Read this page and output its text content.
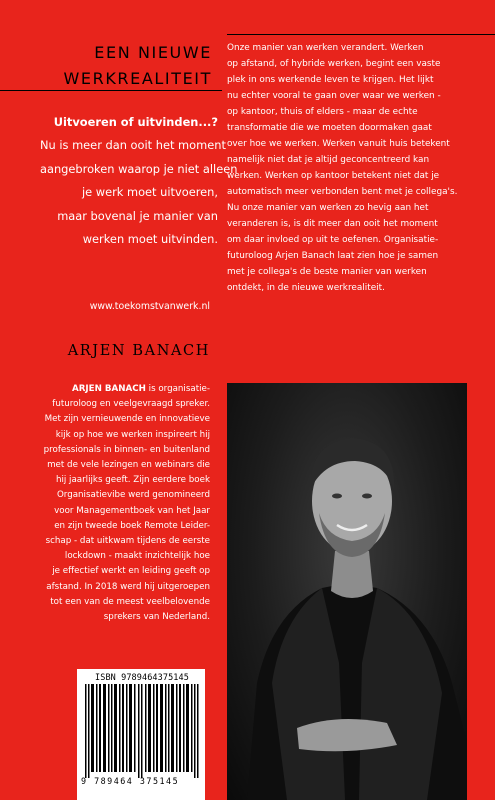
EEN NIEUWE
WERKREALITEIT
Uitvoeren of uitvinden...?
Nu is meer dan ooit het moment
aangebroken waarop je niet alleen
je werk moet uitvoeren,
maar bovenal je manier van
werken moet uitvinden.
www.toekomstvanwerk.nl
ARJEN BANACH
ARJEN BANACH is organisatie-
futuroloog en veelgevraagd spreker.
Met zijn vernieuwende en innovatieve
kijk op hoe we werken inspireert hij
professionals in binnen- en buitenland
met de vele lezingen en webinars die
hij jaarlijks geeft. Zijn eerdere boek
Organisatievibe werd genomineerd
voor Managementboek van het Jaar
en zijn tweede boek Remote Leider-
schap - dat uitkwam tijdens de eerste
lockdown - maakt inzichtelijk hoe
je effectief werkt en leiding geeft op
afstand. In 2018 werd hij uitgeroepen
tot een van de meest veelbelovende
sprekers van Nederland.
Onze manier van werken verandert. Werken
op afstand, of hybride werken, begint een vaste
plek in ons werkende leven te krijgen. Het lijkt
nu echter vooral te gaan over waar we werken -
op kantoor, thuis of elders - maar de echte
transformatie die we moeten doormaken gaat
over hoe we werken. Werken vanuit huis betekent
namelijk niet dat je altijd geconcentreerd kan
werken. Werken op kantoor betekent niet dat je
automatisch meer verbonden bent met je collega's.
Nu onze manier van werken zo hevig aan het
veranderen is, is dit meer dan ooit het moment
om daar invloed op uit te oefenen. Organisatie-
futuroloog Arjen Banach laat zien hoe je samen
met je collega's de beste manier van werken
ontdekt, in de nieuwe werkrealiteit.
ISBN 9789464375145
9 789464 375145
